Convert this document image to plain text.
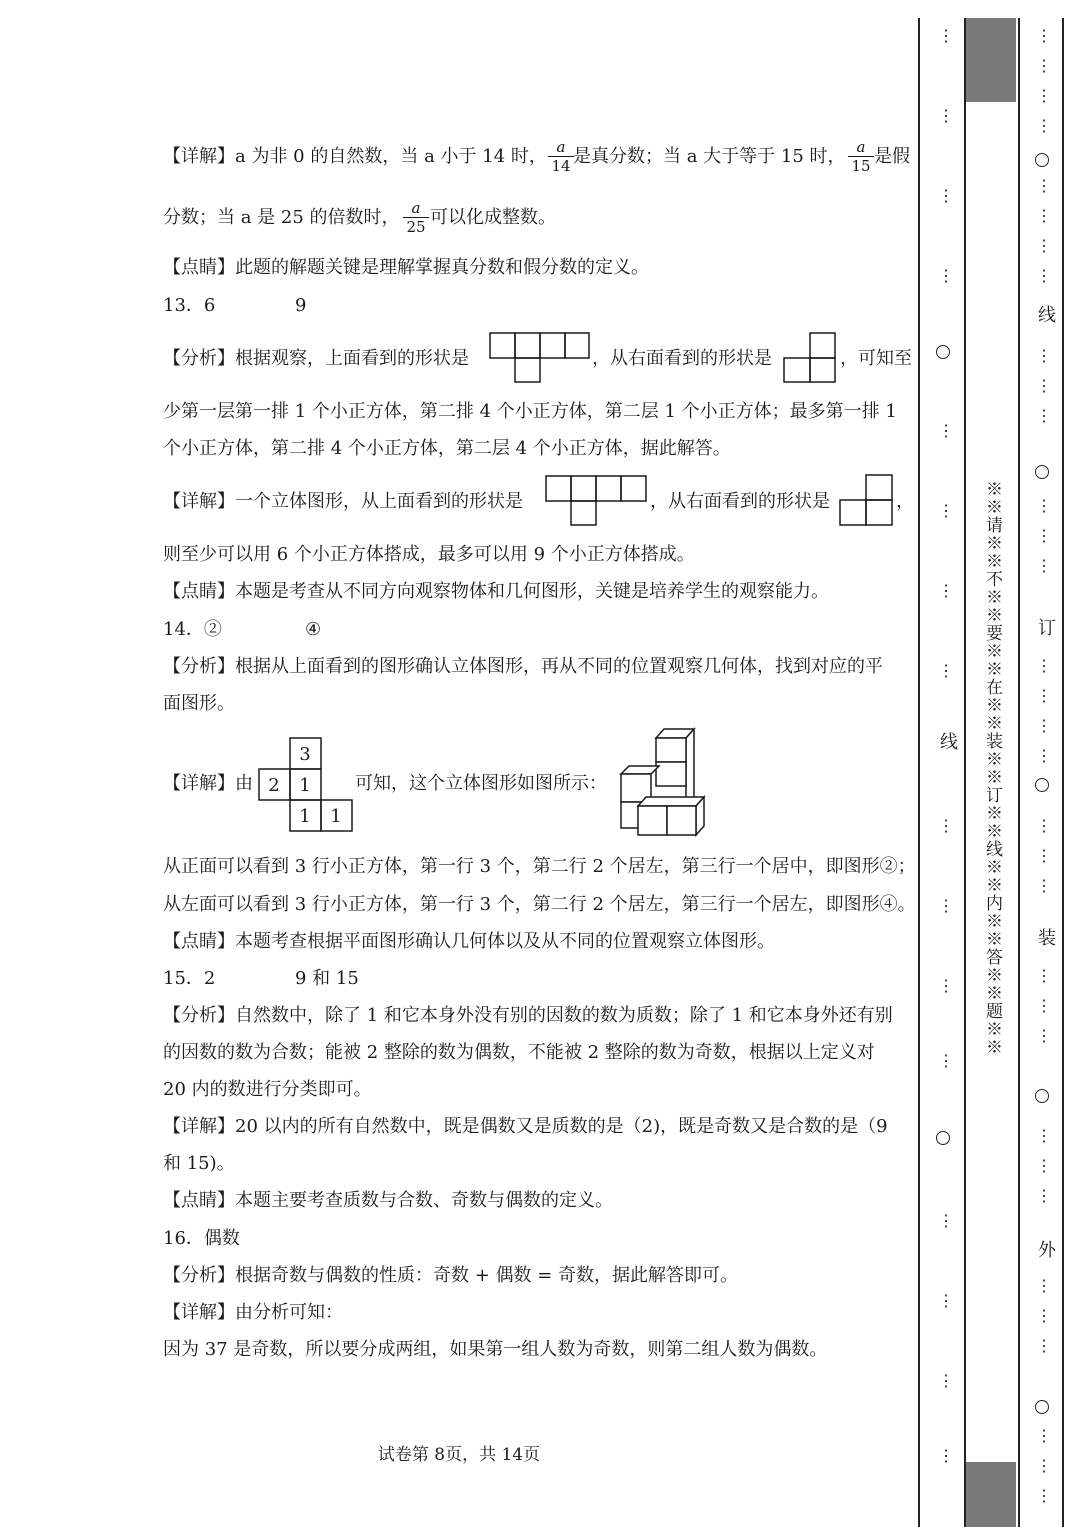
【详解】a 为非 0 的自然数，当 a 小于 14 时， $\frac{a}{14}$ 是真分数；当 a 大于等于 15 时， $\frac{a}{15}$ 是假
分数；当 a 是 25 的倍数时， $\frac{a}{25}$ 可以化成整数。
【点睛】此题的解题关键是理解掌握真分数和假分数的定义。
13．6	9
【分析】根据观察，上面看到的形状是	，从右面看到的形状是	，可知至
少第一层第一排 1 个小正方体，第二排 4 个小正方体，第二层 1 个小正方体；最多第一排 1
个小正方体，第二排 4 个小正方体，第二层 4 个小正方体，据此解答。
【详解】一个立体图形，从上面看到的形状是	，从右面看到的形状是	，
则至少可以用 6 个小正方体搭成，最多可以用 9 个小正方体搭成。
【点睛】本题是考查从不同方向观察物体和几何图形，关键是培养学生的观察能力。
14．②	④
【分析】根据从上面看到的图形确认立体图形，再从不同的位置观察几何体，找到对应的平
面图形。
【详解】由
3
2 1
1 1
可知，这个立体图形如图所示：
从正面可以看到 3 行小正方体，第一行 3 个，第二行 2 个居左，第三行一个居中，即图形②；
从左面可以看到 3 行小正方体，第一行 3 个，第二行 2 个居左，第三行一个居左，即图形④。
【点睛】本题考查根据平面图形确认几何体以及从不同的位置观察立体图形。
15．2	9 和 15
【分析】自然数中，除了 1 和它本身外没有别的因数的数为质数；除了 1 和它本身外还有别
的因数的数为合数；能被 2 整除的数为偶数，不能被 2 整除的数为奇数，根据以上定义对
20 内的数进行分类即可。
【详解】20 以内的所有自然数中，既是偶数又是质数的是（2)，既是奇数又是合数的是（9
和 15)。
【点睛】本题主要考查质数与合数、奇数与偶数的定义。
16．偶数
【分析】根据奇数与偶数的性质：奇数 + 偶数 = 奇数，据此解答即可。
【详解】由分析可知：
因为 37 是奇数，所以要分成两组，如果第一组人数为奇数，则第二组人数为偶数。
试卷第 8页，共 14页
⋮
⋮
⋮
⋮
⋮
⋮
⋮
⋮
⋮
⋮
⋮
⋮
⋮
⋮
⋮
⋮
线 ※※请※※不※※要※※在※※装※※订※※线※※内※※答※※题※※
⋮
⋮
⋮
⋮
⋮
⋮
⋮
⋮
⋮
⋮
⋮
⋮
⋮
⋮
⋮
⋮
⋮
⋮
⋮
⋮
⋮
⋮
⋮
⋮
⋮
⋮
⋮
⋮
⋮
⋮
⋮
⋮
⋮
线
订
装
外
